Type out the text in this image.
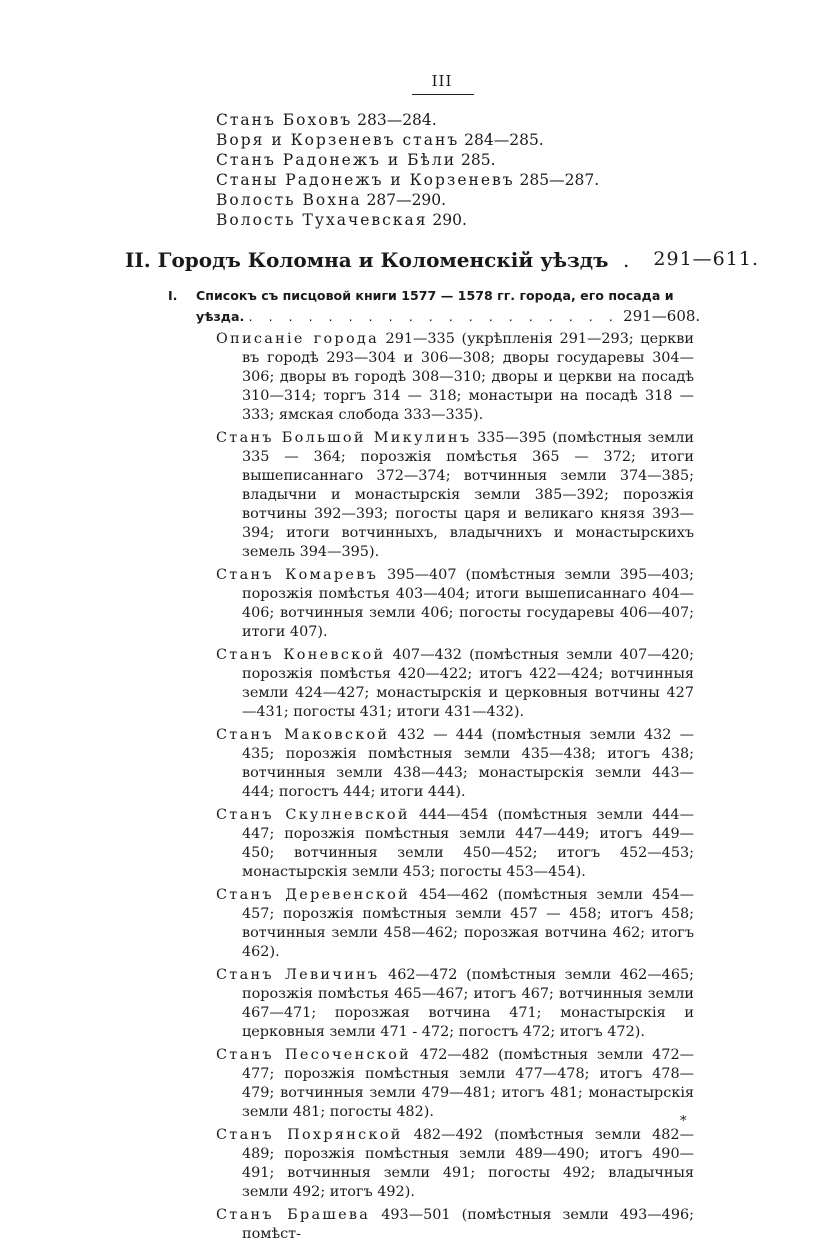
III
Станъ Боховъ 283—284.
Воря и Корзеневъ станъ 284—285.
Станъ Радонежъ и Бѣли 285.
Станы Радонежъ и Корзеневъ 285—287.
Волость Вохна 287—290.
Волость Тухачевская 290.
II. Городъ Коломна и Коломенскій уѣздъ . 291—611.
I.	Списокъ съ писцовой книги 1577 — 1578 гг. города, его посада и
уѣзда. . . . . . . . . . . . . . . . . . . . 291—608.

Описаніе города 291—335 (укрѣпленія 291—293; церкви въ городѣ 293—304 и 306—308; дворы государевы 304—306; дворы въ городѣ 308—310; дворы и церкви на посадѣ 310—314; торгъ 314 — 318; монастыри на посадѣ 318 — 333; ямская слобода 333—335).

Станъ Большой Микулинъ 335—395 (помѣстныя земли 335 — 364; порозжія помѣстья 365 — 372; итоги вышеписаннаго 372—374; вотчинныя земли 374—385; владычни и монастырскія земли 385—392; порозжія вотчины 392—393; погосты царя и великаго князя 393—394; итоги вотчинныхъ, владычнихъ и монастырскихъ земель 394—395).

Станъ Комаревъ 395—407 (помѣстныя земли 395—403; порозжія помѣстья 403—404; итоги вышеписаннаго 404—406; вотчинныя земли 406; погосты государевы 406—407; итоги 407).

Станъ Коневской 407—432 (помѣстныя земли 407—420; порозжія помѣстья 420—422; итогъ 422—424; вотчинныя земли 424—427; монастырскія и церковныя вотчины 427—431; погосты 431; итоги 431—432).

Станъ Маковской 432 — 444 (помѣстныя земли 432 — 435; порозжія помѣстныя земли 435—438; итогъ 438; вотчинныя земли 438—443; монастырскія земли 443—444; погостъ 444; итоги 444).

Станъ Скулневской 444—454 (помѣстныя земли 444—447; порозжія помѣстныя земли 447—449; итогъ 449—450; вотчинныя земли 450—452; итогъ 452—453; монастырскія земли 453; погосты 453—454).

Станъ Деревенской 454—462 (помѣстныя земли 454—457; порозжія помѣстныя земли 457 — 458; итогъ 458; вотчинныя земли 458—462; порозжая вотчина 462; итогъ 462).

Станъ Левичинъ 462—472 (помѣстныя земли 462—465; порозжія помѣстья 465—467; итогъ 467; вотчинныя земли 467—471; порозжая вотчина 471; монастырскія и церковныя земли 471 - 472; погостъ 472; итогъ 472).

Станъ Песоченской 472—482 (помѣстныя земли 472—477; порозжія помѣстныя земли 477—478; итогъ 478—479; вотчинныя земли 479—481; итогъ 481; монастырскія земли 481; погосты 482).

Станъ Похрянской 482—492 (помѣстныя земли 482—489; порозжія помѣстныя земли 489—490; итогъ 490—491; вотчинныя земли 491; погосты 492; владычныя земли 492; итогъ 492).

Станъ Брашева 493—501 (помѣстныя земли 493—496; помѣст-

*
